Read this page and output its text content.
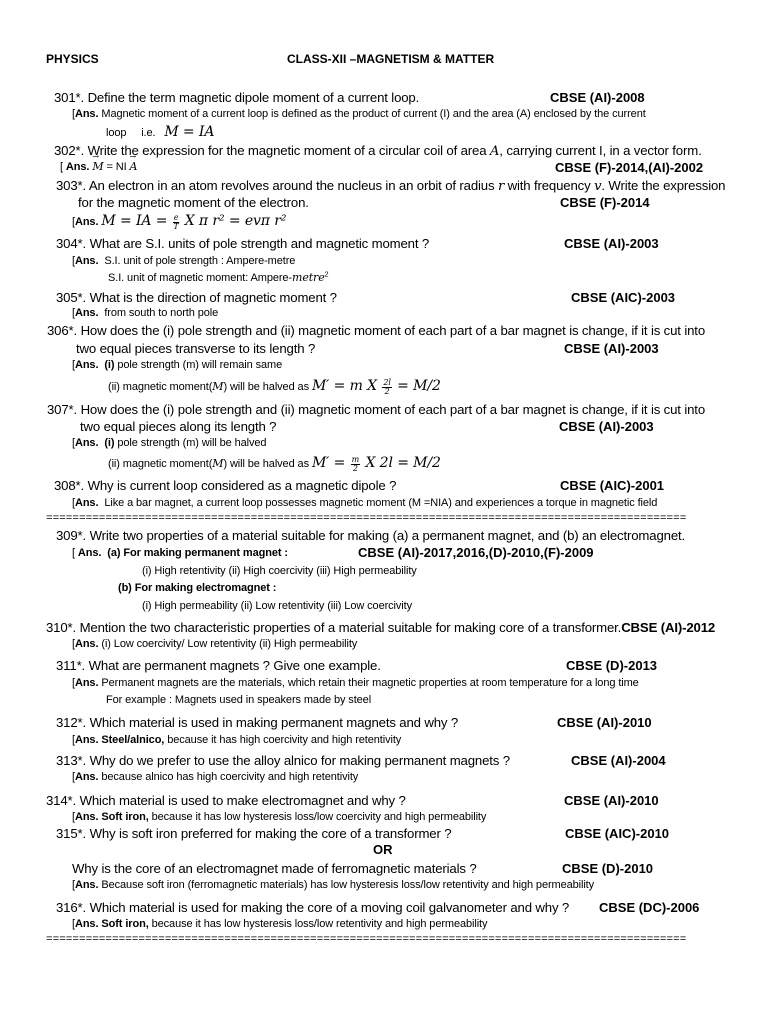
PHYSICS	CLASS-XII –MAGNETISM & MATTER
301*. Define the term magnetic dipole moment of a current loop.	CBSE (AI)-2008
[Ans. Magnetic moment of a current loop is defined as the product of current (I) and the area (A) enclosed by the current
loop i.e. M = IA
302*. Write the expression for the magnetic moment of a circular coil of area A, carrying current I, in a vector form.
CBSE (F)-2014,(AI)-2002
[ Ans. → M = NI → A
303*. An electron in an atom revolves around the nucleus in an orbit of radius r with frequency v. Write the expression
for the magnetic moment of the electron.	CBSE (F)-2014
[Ans. M = IA = $\frac{e}{T}$ X π r² = evπ r²
304*. What are S.I. units of pole strength and magnetic moment ?	CBSE (AI)-2003
[Ans. S.I. unit of pole strength : Ampere-metre
S.I. unit of magnetic moment: Ampere-metre$^2$
305*. What is the direction of magnetic moment ?	CBSE (AIC)-2003
[Ans. from south to north pole
306*. How does the (i) pole strength and (ii) magnetic moment of each part of a bar magnet is change, if it is cut into
two equal pieces transverse to its length ?	CBSE (AI)-2003
[Ans. (i) pole strength (m) will remain same
(ii) magnetic moment(M) will be halved as M′ = m X $\frac{2l}{2} = M/2$
307*. How does the (i) pole strength and (ii) magnetic moment of each part of a bar magnet is change, if it is cut into
two equal pieces along its length ?	CBSE (AI)-2003
[Ans. (i) pole strength (m) will be halved
(ii) magnetic moment(M) will be halved as $M' = \frac{m}{2}$ X 2l = M/2
308*. Why is current loop considered as a magnetic dipole ?	CBSE (AIC)-2001
[Ans. Like a bar magnet, a current loop possesses magnetic moment (M =NIA) and experiences a torque in magnetic field
=================================================================================================
309*. Write two properties of a material suitable for making (a) a permanent magnet, and (b) an electromagnet.
[ Ans. (a) For making permanent magnet :	CBSE (AI)-2017,2016,(D)-2010,(F)-2009
(i) High retentivity (ii) High coercivity (iii) High permeability
(b) For making electromagnet :
(i) High permeability (ii) Low retentivity (iii) Low coercivity
310*. Mention the two characteristic properties of a material suitable for making core of a transformer.CBSE (AI)-2012
[Ans. (i) Low coercivity/ Low retentivity (ii) High permeability
311*. What are permanent magnets ? Give one example.	CBSE (D)-2013
[Ans. Permanent magnets are the materials, which retain their magnetic properties at room temperature for a long time
For example : Magnets used in speakers made by steel
312*. Which material is used in making permanent magnets and why ?	CBSE (AI)-2010
[Ans. Steel/alnico, because it has high coercivity and high retentivity
313*. Why do we prefer to use the alloy alnico for making permanent magnets ?	CBSE (AI)-2004
[Ans. because alnico has high coercivity and high retentivity
314*. Which material is used to make electromagnet and why ?	CBSE (AI)-2010
[Ans. Soft iron, because it has low hysteresis loss/low coercivity and high permeability
315*. Why is soft iron preferred for making the core of a transformer ?	CBSE (AIC)-2010
OR
Why is the core of an electromagnet made of ferromagnetic materials ?	CBSE (D)-2010
[Ans. Because soft iron (ferromagnetic materials) has low hysteresis loss/low retentivity and high permeability
316*. Which material is used for making the core of a moving coil galvanometer and why ? CBSE (DC)-2006
[Ans. Soft iron, because it has low hysteresis loss/low retentivity and high permeability
=================================================================================================
